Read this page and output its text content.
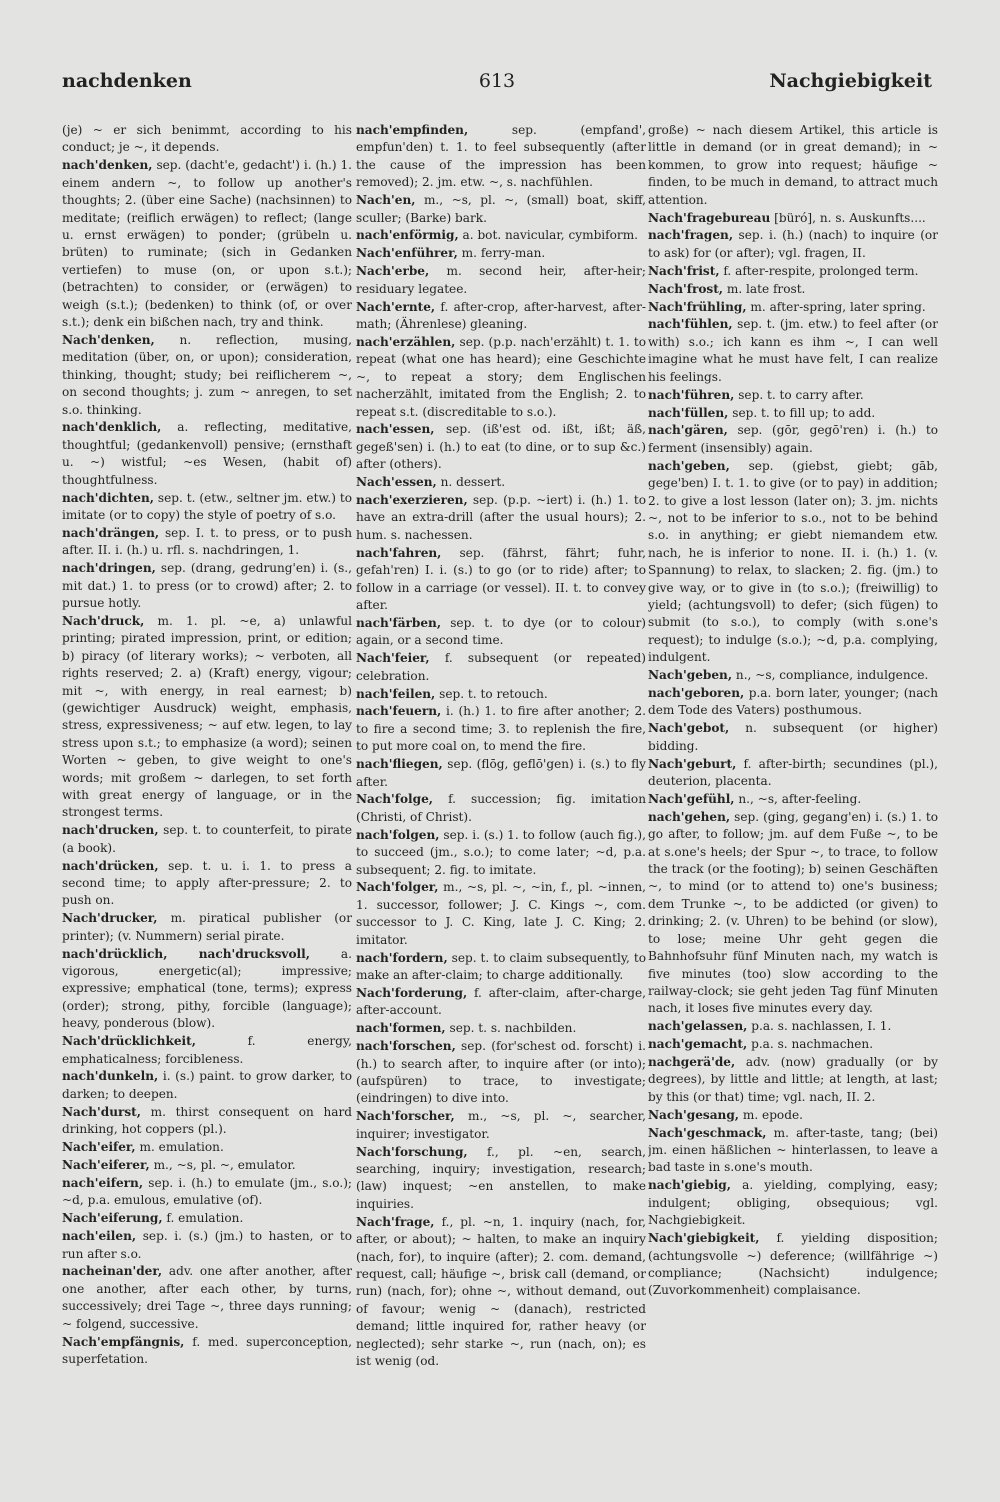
613
nachdenken	Nachgiebigkeit

(je) ~ er sich benimmt, according to his conduct; je ~, it depends.

nach'denken, sep. (dacht'e, gedacht') i. (h.) 1. einem andern ~, to follow up another's thoughts; 2. (über eine Sache) (nachsinnen) to meditate; (reiflich erwägen) to reflect; (lange u. ernst erwägen) to ponder; (grübeln u. brüten) to ruminate; (sich in Gedanken vertiefen) to muse (on, or upon s.t.); (betrachten) to consider, or (erwägen) to weigh (s.t.); (bedenken) to think (of, or over s.t.); denk ein bißchen nach, try and think.

Nach'denken, n. reflection, musing, meditation (über, on, or upon); consideration, thinking, thought; study; bei reiflicherem ~, on second thoughts; j. zum ~ anregen, to set s.o. thinking.

nach'denklich, a. reflecting, meditative, thoughtful; (gedankenvoll) pensive; (ernsthaft u. ~) wistful; ~es Wesen, (habit of) thoughtfulness.

nach'dichten, sep. t. (etw., seltner jm. etw.) to imitate (or to copy) the style of poetry of s.o.

nach'drängen, sep. I. t. to press, or to push after. II. i. (h.) u. rfl. s. nachdringen, 1.

nach'dringen, sep. (drang, gedrung'en) i. (s., mit dat.) 1. to press (or to crowd) after; 2. to pursue hotly.

Nach'druck, m. 1. pl. ~e, a) unlawful printing; pirated impression, print, or edition; b) piracy (of literary works); ~ verboten, all rights reserved; 2. a) (Kraft) energy, vigour; mit ~, with energy, in real earnest; b) (gewichtiger Ausdruck) weight, emphasis, stress, expressiveness; ~ auf etw. legen, to lay stress upon s.t.; to emphasize (a word); seinen Worten ~ geben, to give weight to one's words; mit großem ~ darlegen, to set forth with great energy of language, or in the strongest terms.

nach'drucken, sep. t. to counterfeit, to pirate (a book).

nach'drücken, sep. t. u. i. 1. to press a second time; to apply after-pressure; 2. to push on.

Nach'drucker, m. piratical publisher (or printer); (v. Nummern) serial pirate.

nach'drücklich, nach'drucksvoll,	a. vigorous, energetic(al); impressive; expressive; emphatical (tone, terms); express (order); strong, pithy, forcible (language); heavy, ponderous (blow).

Nach'drücklichkeit,	f. energy, emphaticalness; forcibleness.

nach'dunkeln, i. (s.) paint. to grow darker, to darken; to deepen.

Nach'durst, m. thirst consequent on hard drinking, hot coppers (pl.).

Nach'eifer, m. emulation.

Nach'eiferer, m., ~s, pl. ~, emulator.

nach'eifern, sep. i. (h.) to emulate (jm., s.o.); ~d, p.a. emulous, emulative (of).

Nach'eiferung, f. emulation.

nach'eilen, sep. i. (s.) (jm.) to hasten, or to run after s.o.

nacheinan'der, adv. one after another, after one another, after each other, by turns, successively; drei Tage ~, three days running; ~ folgend, successive.

Nach'empfängnis, f. med. superconception, superfetation.

nach'empfinden,	sep. (empfand', empfun'den) t. 1. to feel subsequently (after the cause of the impression has been removed); 2. jm. etw. ~, s. nachfühlen.

Nach'en, m., ~s, pl. ~, (small) boat, skiff, sculler; (Barke) bark.

nach'enförmig, a. bot. navicular, cymbiform.

Nach'enführer, m. ferry-man.

Nach'erbe, m. second heir, after-heir; residuary legatee.

Nach'ernte, f. after-crop, after-harvest, after-math; (Ährenlese) gleaning.

nach'erzählen, sep. (p.p. nach'erzählt) t. 1. to repeat (what one has heard); eine Geschichte ~, to repeat a story; dem Englischen nacherzählt, imitated from the English; 2. to repeat s.t. (discreditable to s.o.).

nach'essen, sep. (iß'est od. ißt, ißt; äß, gegeß'sen) i. (h.) to eat (to dine, or to sup &c.) after (others).

Nach'essen, n. dessert.

nach'exerzieren, sep. (p.p. ~iert) i. (h.) 1. to have an extra-drill (after the usual hours); 2. hum. s. nachessen.

nach'fahren, sep. (fährst, fährt; fuhr, gefah'ren) I. i. (s.) to go (or to ride) after; to follow in a carriage (or vessel). II. t. to convey after.

nach'färben, sep. t. to dye (or to colour) again, or a second time.

Nach'feier, f. subsequent (or repeated) celebration.

nach'feilen, sep. t. to retouch.

nach'feuern, i. (h.) 1. to fire after another; 2. to fire a second time; 3. to replenish the fire, to put more coal on, to mend the fire.

nach'fliegen, sep. (flōg, geflō'gen) i. (s.) to fly after.

Nach'folge, f. succession; fig. imitation (Christi, of Christ).

nach'folgen, sep. i. (s.) 1. to follow (auch fig.), to succeed (jm., s.o.); to come later; ~d, p.a. subsequent; 2. fig. to imitate.

Nach'folger, m., ~s, pl. ~, ~in, f., pl. ~innen, 1. successor, follower; J. C. Kings ~, com. successor to J. C. King, late J. C. King; 2. imitator.

nach'fordern, sep. t. to claim subsequently, to make an after-claim; to charge additionally.

Nach'forderung, f. after-claim, after-charge, after-account.

nach'formen, sep. t. s. nachbilden.

nach'forschen, sep. (for'schest od. forscht) i. (h.) to search after, to inquire after (or into); (aufspüren) to trace, to investigate; (eindringen) to dive into.

Nach'forscher, m., ~s, pl. ~, searcher, inquirer; investigator.

Nach'forschung, f., pl. ~en, search, searching, inquiry; investigation, research; (law) inquest; ~en anstellen, to make inquiries.

Nach'frage, f., pl. ~n, 1. inquiry (nach, for, after, or about); ~ halten, to make an inquiry (nach, for), to inquire (after); 2. com. demand, request, call; häufige ~, brisk call (demand, or run) (nach, for); ohne ~, without demand, out of favour; wenig ~ (danach), restricted demand; little inquired for, rather heavy (or neglected); sehr starke ~, run (nach, on); es ist wenig (od.

große) ~ nach diesem Artikel, this article is little in demand (or in great demand); in ~ kommen, to grow into request; häufige ~ finden, to be much in demand, to attract much attention.

Nach'fragebureau [büró], n. s. Auskunfts....

nach'fragen, sep. i. (h.) (nach) to inquire (or to ask) for (or after); vgl. fragen, II.

Nach'frist, f. after-respite, prolonged term.

Nach'frost, m. late frost.

Nach'frühling, m. after-spring, later spring.

nach'fühlen, sep. t. (jm. etw.) to feel after (or with) s.o.; ich kann es ihm ~, I can well imagine what he must have felt, I can realize his feelings.

nach'führen, sep. t. to carry after.

nach'füllen, sep. t. to fill up; to add.

nach'gären, sep. (gōr, gegō'ren) i. (h.) to ferment (insensibly) again.

nach'geben, sep. (giebst, giebt; gāb, gege'ben) I. t. 1. to give (or to pay) in addition; 2. to give a lost lesson (later on); 3. jm. nichts ~, not to be inferior to s.o., not to be behind s.o. in anything; er giebt niemandem etw. nach, he is inferior to none. II. i. (h.) 1. (v. Spannung) to relax, to slacken; 2. fig. (jm.) to give way, or to give in (to s.o.); (freiwillig) to yield; (achtungsvoll) to defer; (sich fügen) to submit (to s.o.), to comply (with s.one's request); to indulge (s.o.); ~d, p.a. complying, indulgent.

Nach'geben, n., ~s, compliance, indulgence.

nach'geboren, p.a. born later, younger; (nach dem Tode des Vaters) posthumous.

Nach'gebot, n. subsequent (or higher) bidding.

Nach'geburt, f. after-birth; secundines (pl.), deuterion, placenta.

Nach'gefühl, n., ~s, after-feeling.

nach'gehen, sep. (ging, gegang'en) i. (s.) 1. to go after, to follow; jm. auf dem Fuße ~, to be at s.one's heels; der Spur ~, to trace, to follow the track (or the footing); b) seinen Geschäften ~, to mind (or to attend to) one's business; dem Trunke ~, to be addicted (or given) to drinking; 2. (v. Uhren) to be behind (or slow), to lose; meine Uhr geht gegen die Bahnhofsuhr fünf Minuten nach, my watch is five minutes (too) slow according to the railway-clock; sie geht jeden Tag fünf Minuten nach, it loses five minutes every day.

nach'gelassen, p.a. s. nachlassen, I. 1.

nach'gemacht, p.a. s. nachmachen.

nachgerä'de, adv. (now) gradually (or by degrees), by little and little; at length, at last; by this (or that) time; vgl. nach, II. 2.

Nach'gesang, m. epode.

Nach'geschmack, m. after-taste, tang; (bei) jm. einen häßlichen ~ hinterlassen, to leave a bad taste in s.one's mouth.

nach'giebig, a. yielding, complying, easy; indulgent; obliging, obsequious; vgl. Nachgiebigkeit.

Nach'giebigkeit, f. yielding disposition; (achtungsvolle ~) deference; (willfährige ~) compliance; (Nachsicht) indulgence; (Zuvorkommenheit) complaisance.
